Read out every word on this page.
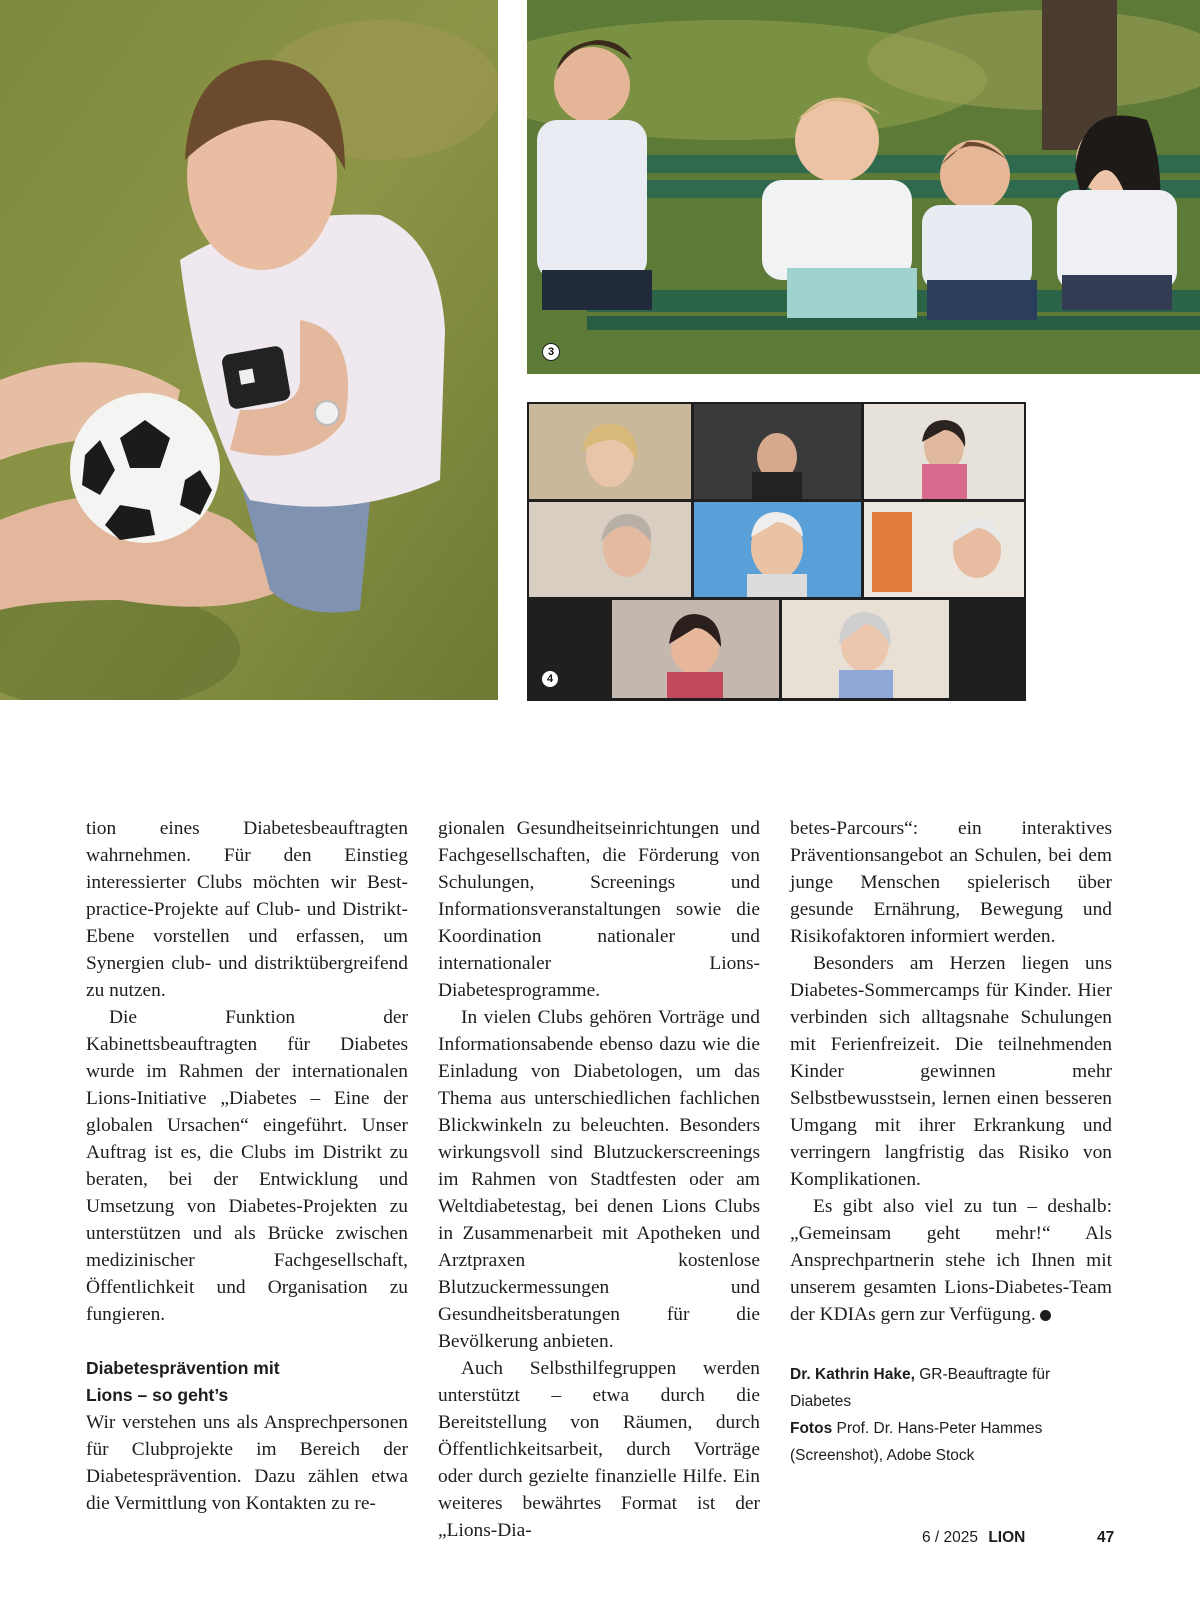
3
4

tion eines Diabetesbeauftragten wahrnehmen. Für den Einstieg interessierter Clubs möchten wir Best-practice-Projekte auf Club- und Distrikt-Ebene vorstellen und erfassen, um Synergien club- und distriktübergreifend zu nutzen.

Die Funktion der Kabinettsbeauftragten für Diabetes wurde im Rahmen der internationalen Lions-Initiative „Diabetes – Eine der globalen Ursachen“ eingeführt. Unser Auftrag ist es, die Clubs im Distrikt zu beraten, bei der Entwicklung und Umsetzung von Diabetes-Projekten zu unterstützen und als Brücke zwischen medizinischer Fachgesellschaft, Öffentlichkeit und Organisation zu fungieren.

Diabetesprävention mit
Lions – so geht’s

Wir verstehen uns als Ansprechpersonen für Clubprojekte im Bereich der Diabetesprävention. Dazu zählen etwa die Vermittlung von Kontakten zu re-

gionalen Gesundheitseinrichtungen und Fachgesellschaften, die Förderung von Schulungen, Screenings und Informationsveranstaltungen sowie die Koordination nationaler und internationaler Lions-Diabetesprogramme.

In vielen Clubs gehören Vorträge und Informationsabende ebenso dazu wie die Einladung von Diabetologen, um das Thema aus unterschiedlichen fachlichen Blickwinkeln zu beleuchten. Besonders wirkungsvoll sind Blutzuckerscreenings im Rahmen von Stadtfesten oder am Weltdiabetestag, bei denen Lions Clubs in Zusammenarbeit mit Apotheken und Arztpraxen kostenlose Blutzuckermessungen und Gesundheitsberatungen für die Bevölkerung anbieten.

Auch Selbsthilfegruppen werden unterstützt – etwa durch die Bereitstellung von Räumen, durch Öffentlichkeitsarbeit, durch Vorträge oder durch gezielte finanzielle Hilfe. Ein weiteres bewährtes Format ist der „Lions-Dia-

betes-Parcours“: ein interaktives Präventionsangebot an Schulen, bei dem junge Menschen spielerisch über gesunde Ernährung, Bewegung und Risikofaktoren informiert werden.

Besonders am Herzen liegen uns Diabetes-Sommercamps für Kinder. Hier verbinden sich alltagsnahe Schulungen mit Ferienfreizeit. Die teilnehmenden Kinder gewinnen mehr Selbstbewusstsein, lernen einen besseren Umgang mit ihrer Erkrankung und verringern langfristig das Risiko von Komplikationen.

Es gibt also viel zu tun – deshalb: „Gemeinsam geht mehr!“ Als Ansprechpartnerin stehe ich Ihnen mit unserem gesamten Lions-Diabetes-Team der KDIAs gern zur Verfügung.

Dr. Kathrin Hake, GR-Beauftragte für Diabetes
Fotos Prof. Dr. Hans-Peter Hammes (Screenshot), Adobe Stock
6 / 2025 LION	47
